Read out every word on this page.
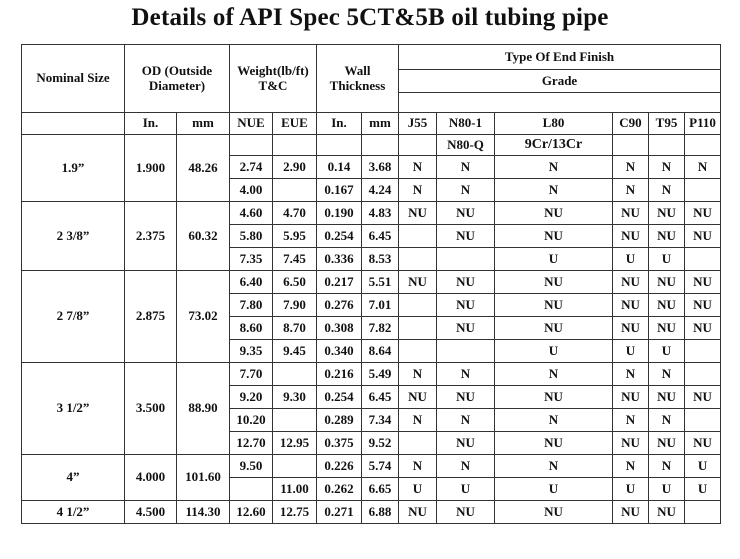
Details of API Spec 5CT&5B oil tubing pipe
Nominal Size	OD (Outside Diameter)		Weight(lb/ft) T&C		Wall Thickness		Type Of End Finish					
							Grade					

	In.	mm	NUE	EUE	In.	mm	J55	N80-1	L80	C90	T95	P110
1.9”	1.900	48.26						N80-Q	9Cr/13Cr			
			2.74	2.90	0.14	3.68	N	N	N	N	N	N
			4.00		0.167	4.24	N	N	N	N	N	
2 3/8”	2.375	60.32	4.60	4.70	0.190	4.83	NU	NU	NU	NU	NU	NU
			5.80	5.95	0.254	6.45		NU	NU	NU	NU	NU
			7.35	7.45	0.336	8.53			U	U	U	
2 7/8”	2.875	73.02	6.40	6.50	0.217	5.51	NU	NU	NU	NU	NU	NU
			7.80	7.90	0.276	7.01		NU	NU	NU	NU	NU
			8.60	8.70	0.308	7.82		NU	NU	NU	NU	NU
			9.35	9.45	0.340	8.64			U	U	U	
3 1/2”	3.500	88.90	7.70		0.216	5.49	N	N	N	N	N	
			9.20	9.30	0.254	6.45	NU	NU	NU	NU	NU	NU
			10.20		0.289	7.34	N	N	N	N	N	
			12.70	12.95	0.375	9.52		NU	NU	NU	NU	NU
4”	4.000	101.60	9.50		0.226	5.74	N	N	N	N	N	U
				11.00	0.262	6.65	U	U	U	U	U	U
4 1/2”	4.500	114.30	12.60	12.75	0.271	6.88	NU	NU	NU	NU	NU	
